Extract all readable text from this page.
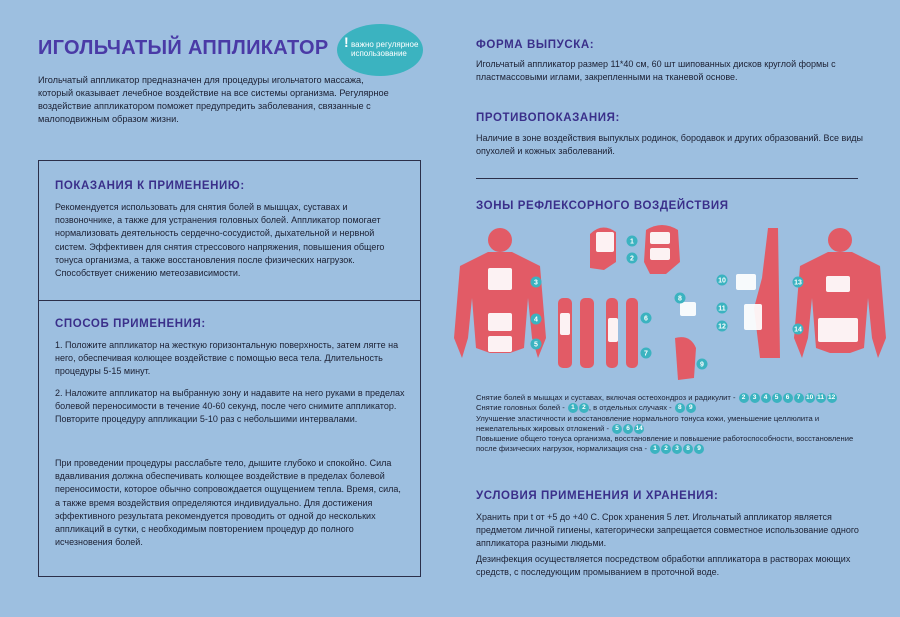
ИГОЛЬЧАТЫЙ АППЛИКАТОР ! важно регулярное использование

Игольчатый аппликатор предназначен для процедуры игольчатого массажа, который оказывает лечебное воздействие на все системы организма. Регулярное воздействие аппликатором поможет предупредить заболевания, связанные с малоподвижным образом жизни.

ПОКАЗАНИЯ К ПРИМЕНЕНИЮ:

Рекомендуется использовать для снятия болей в мышцах, суставах и позвоночнике, а также для устранения головных болей. Аппликатор помогает нормализовать деятельность сердечно-сосудистой, дыхательной и нервной систем. Эффективен для снятия стрессового напряжения, повышения общего тонуса организма, а также восстановления после физических нагрузок. Способствует снижению метеозависимости.

СПОСОБ ПРИМЕНЕНИЯ:

1. Положите аппликатор на жесткую горизонтальную поверхность, затем лягте на него, обеспечивая колющее воздействие с помощью веса тела. Длительность процедуры 5-15 минут.

2. Наложите аппликатор на выбранную зону и надавите на него руками в пределах болевой переносимости в течение 40-60 секунд, после чего снимите аппликатор. Повторите процедуру аппликации 5-10 раз с небольшими интервалами.

При проведении процедуры расслабьте тело, дышите глубоко и спокойно. Сила вдавливания должна обеспечивать колющее воздействие в пределах болевой переносимости, которое обычно сопровождается ощущением тепла. Время, сила, а также время воздействия определяются индивидуально. Для достижения эффективного результата рекомендуется проводить от одной до нескольких аппликаций в сутки, с необходимым повторением процедур до полного исчезновения болей.

ФОРМА ВЫПУСКА:

Игольчатый аппликатор размер 11*40 см, 60 шт шипованных дисков круглой формы с пластмассовыми иглами, закрепленными на тканевой основе.

ПРОТИВОПОКАЗАНИЯ:

Наличие в зоне воздействия выпуклых родинок, бородавок и других образований. Все виды опухолей и кожных заболеваний.

ЗОНЫ РЕФЛЕКСОРНОГО ВОЗДЕЙСТВИЯ
1
2
3
4
5
6
7
8
9
10
11
12
13
14
Снятие болей в мышцах и суставах, включая остеохондроз и радикулит - 2 3 4 5 6 7 10 11 12
Снятие головных болей - 1 2 , в отдельных случаях - 8 9
Улучшение эластичности и восстановление нормального тонуса кожи, уменьшение целлюлита и нежелательных жировых отложений - 5 6 14
Повышение общего тонуса организма, восстановление и повышение работоспособности, восстановление после физических нагрузок, нормализация сна - 1 2 3 8 9
УСЛОВИЯ ПРИМЕНЕНИЯ И ХРАНЕНИЯ:

Хранить при t от +5 до +40 С. Срок хранения 5 лет. Игольчатый аппликатор является предметом личной гигиены, категорически запрещается совместное использование одного аппликатора разными людьми.

Дезинфекция осуществляется посредством обработки аппликатора в растворах моющих средств, с последующим промыванием в проточной воде.
